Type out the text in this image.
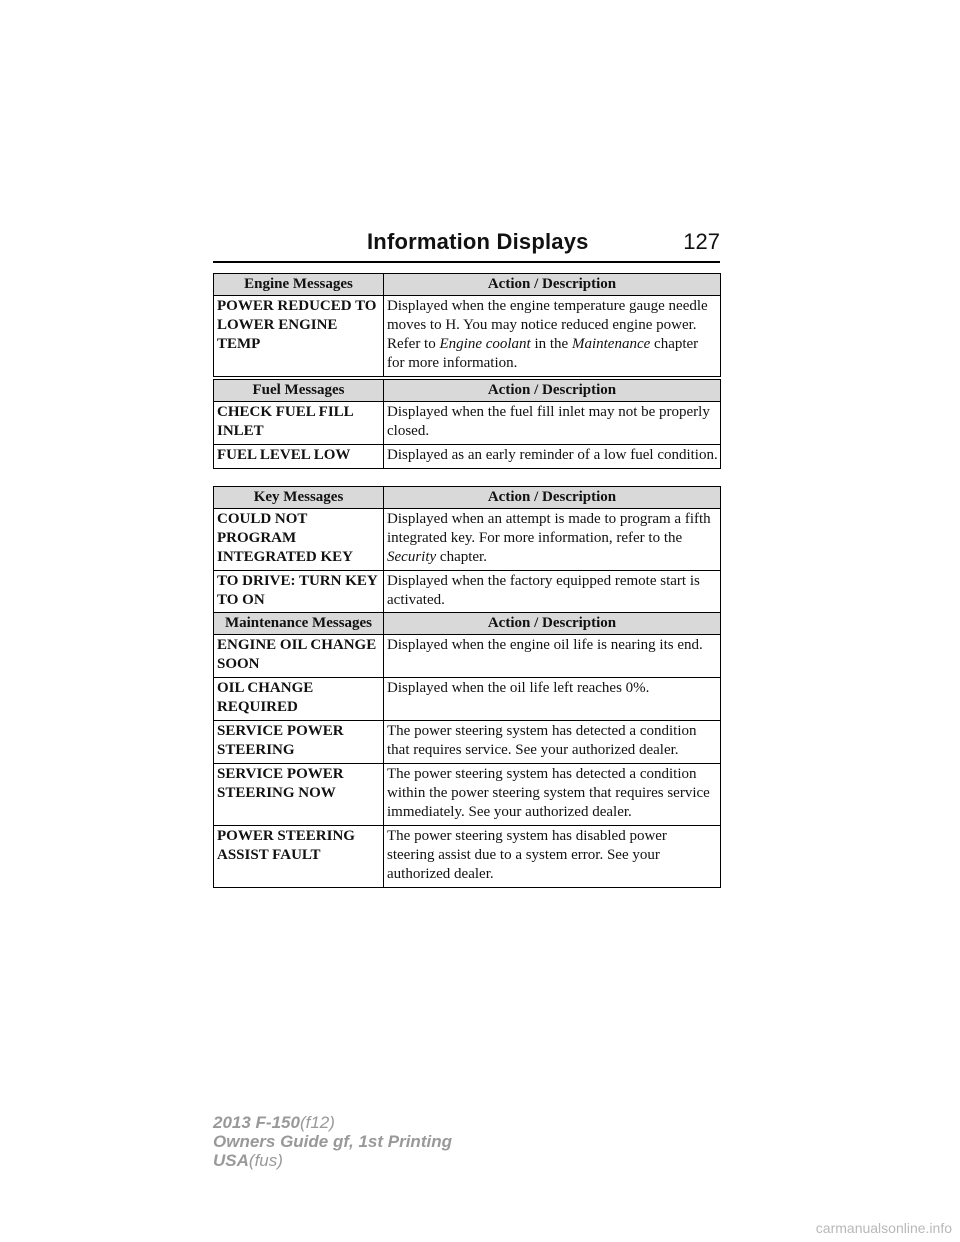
Information Displays	127
Engine Messages	Action / Description
POWER REDUCED TO LOWER ENGINE TEMP	Displayed when the engine temperature gauge needle moves to H. You may notice reduced engine power. Refer to Engine coolant in the Maintenance chapter for more information.
Fuel Messages	Action / Description
CHECK FUEL FILL INLET	Displayed when the fuel fill inlet may not be properly closed.
FUEL LEVEL LOW	Displayed as an early reminder of a low fuel condition.
Key Messages	Action / Description
COULD NOT PROGRAM INTEGRATED KEY	Displayed when an attempt is made to program a fifth integrated key. For more information, refer to the Security chapter.
TO DRIVE: TURN KEY TO ON	Displayed when the factory equipped remote start is activated.
Maintenance Messages	Action / Description
ENGINE OIL CHANGE SOON	Displayed when the engine oil life is nearing its end.
OIL CHANGE REQUIRED	Displayed when the oil life left reaches 0%.
SERVICE POWER STEERING	The power steering system has detected a condition that requires service. See your authorized dealer.
SERVICE POWER STEERING NOW	The power steering system has detected a condition within the power steering system that requires service immediately. See your authorized dealer.
POWER STEERING ASSIST FAULT	The power steering system has disabled power steering assist due to a system error. See your authorized dealer.
2013 F-150(f12)
Owners Guide gf, 1st Printing
USA(fus)
carmanualsonline.info
